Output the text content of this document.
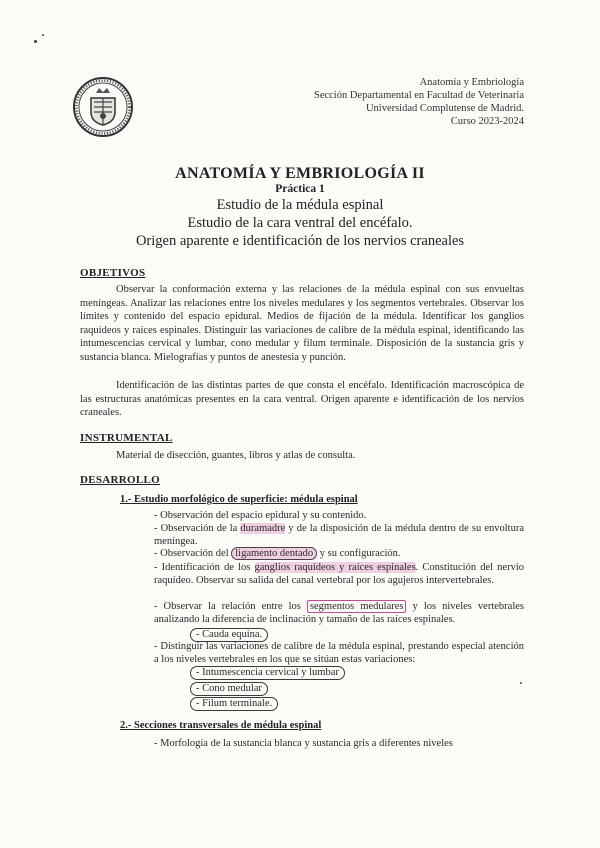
Anatomía y Embriología
Sección Departamental en Facultad de Veterinaria
Universidad Complutense de Madrid.
Curso 2023-2024
ANATOMÍA Y EMBRIOLOGÍA II
Práctica 1
Estudio de la médula espinal
Estudio de la cara ventral del encéfalo.
Origen aparente e identificación de los nervios craneales
OBJETIVOS
Observar la conformación externa y las relaciones de la médula espinal con sus envueltas meníngeas. Analizar las relaciones entre los niveles medulares y los segmentos vertebrales. Observar los límites y contenido del espacio epidural. Medios de fijación de la médula. Identificar los ganglios raquídeos y raíces espinales. Distinguir las variaciones de calibre de la médula espinal, identificando las intumescencias cervical y lumbar, cono medular y filum terminale. Disposición de la sustancia gris y sustancia blanca. Mielografías y puntos de anestesia y punción.
Identificación de las distintas partes de que consta el encéfalo. Identificación macroscópica de las estructuras anatómicas presentes en la cara ventral. Origen aparente e identificación de los nervios craneales.
INSTRUMENTAL
Material de disección, guantes, libros y atlas de consulta.
DESARROLLO
1.- Estudio morfológico de superficie: médula espinal
- Observación del espacio epidural y su contenido.
- Observación de la duramadre y de la disposición de la médula dentro de su envoltura meníngea.
- Observación del ligamento dentado y su configuración.
- Identificación de los ganglios raquídeos y raíces espinales. Constitución del nervio raquídeo. Observar su salida del canal vertebral por los agujeros intervertebrales.
- Observar la relación entre los segmentos medulares y los niveles vertebrales analizando la diferencia de inclinación y tamaño de las raíces espinales.
- Cauda equina.
- Distinguir las variaciones de calibre de la médula espinal, prestando especial atención a los niveles vertebrales en los que se sitúan estas variaciones:
- Intumescencia cervical y lumbar
- Cono medular
- Filum terminale.
2.- Secciones transversales de médula espinal
- Morfología de la sustancia blanca y sustancia gris a diferentes niveles
